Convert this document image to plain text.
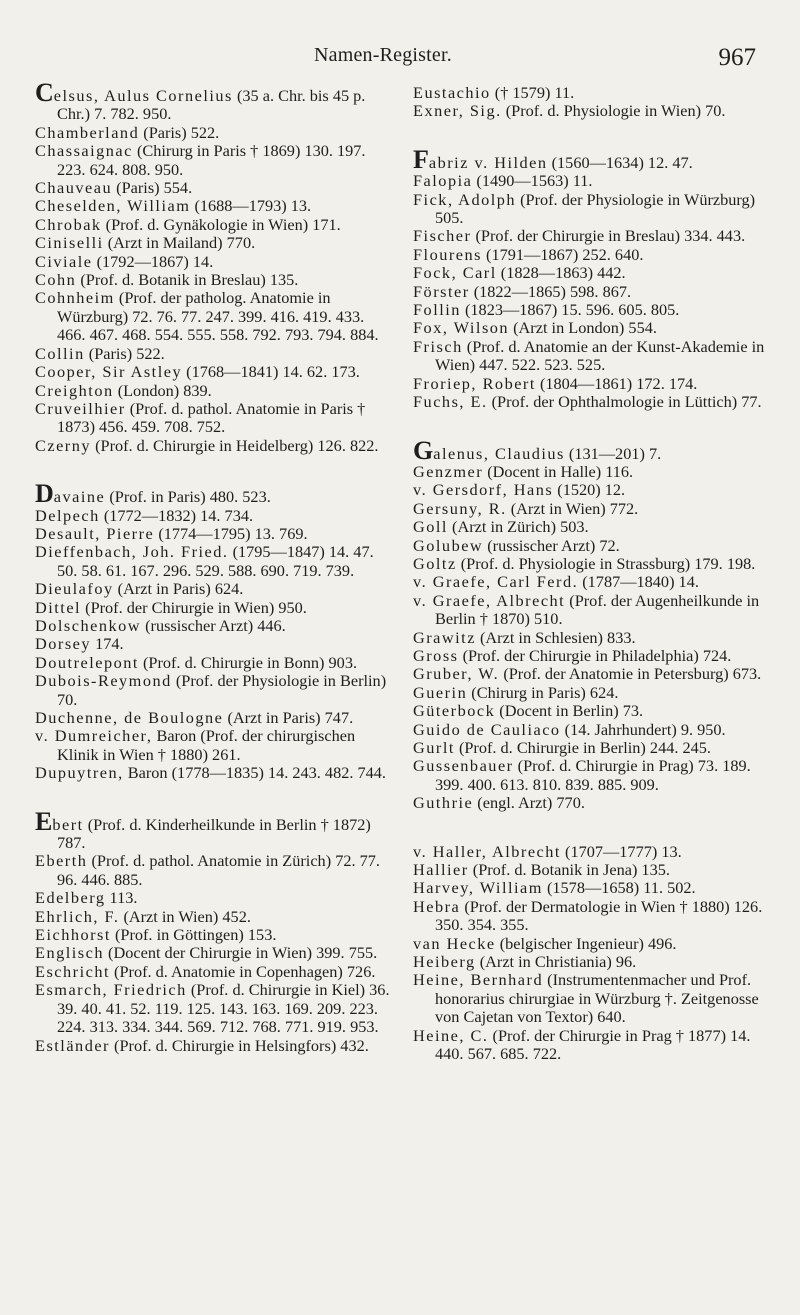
Namen-Register.	967

Celsus, Aulus Cornelius (35 a. Chr. bis 45 p. Chr.) 7. 782. 950.

Chamberland (Paris) 522.

Chassaignac (Chirurg in Paris † 1869) 130. 197. 223. 624. 808. 950.

Chauveau (Paris) 554.

Cheselden, William (1688—1793) 13.

Chrobak (Prof. d. Gynäkologie in Wien) 171.

Ciniselli (Arzt in Mailand) 770.

Civiale (1792—1867) 14.

Cohn (Prof. d. Botanik in Breslau) 135.

Cohnheim (Prof. der patholog. Anatomie in Würzburg) 72. 76. 77. 247. 399. 416. 419. 433. 466. 467. 468. 554. 555. 558. 792. 793. 794. 884.

Collin (Paris) 522.

Cooper, Sir Astley (1768—1841) 14. 62. 173.

Creighton (London) 839.

Cruveilhier (Prof. d. pathol. Anatomie in Paris † 1873) 456. 459. 708. 752.

Czerny (Prof. d. Chirurgie in Heidelberg) 126. 822.

Davaine (Prof. in Paris) 480. 523.

Delpech (1772—1832) 14. 734.

Desault, Pierre (1774—1795) 13. 769.

Dieffenbach, Joh. Fried. (1795—1847) 14. 47. 50. 58. 61. 167. 296. 529. 588. 690. 719. 739.

Dieulafoy (Arzt in Paris) 624.

Dittel (Prof. der Chirurgie in Wien) 950.

Dolschenkow (russischer Arzt) 446.

Dorsey 174.

Doutrelepont (Prof. d. Chirurgie in Bonn) 903.

Dubois-Reymond (Prof. der Physiologie in Berlin) 70.

Duchenne, de Boulogne (Arzt in Paris) 747.

v. Dumreicher, Baron (Prof. der chirurgischen Klinik in Wien † 1880) 261.

Dupuytren, Baron (1778—1835) 14. 243. 482. 744.

Ebert (Prof. d. Kinderheilkunde in Berlin † 1872) 787.

Eberth (Prof. d. pathol. Anatomie in Zürich) 72. 77. 96. 446. 885.

Edelberg 113.

Ehrlich, F. (Arzt in Wien) 452.

Eichhorst (Prof. in Göttingen) 153.

Englisch (Docent der Chirurgie in Wien) 399. 755.

Eschricht (Prof. d. Anatomie in Copenhagen) 726.

Esmarch, Friedrich (Prof. d. Chirurgie in Kiel) 36. 39. 40. 41. 52. 119. 125. 143. 163. 169. 209. 223. 224. 313. 334. 344. 569. 712. 768. 771. 919. 953.

Estländer (Prof. d. Chirurgie in Helsingfors) 432.

Eustachio († 1579) 11.

Exner, Sig. (Prof. d. Physiologie in Wien) 70.

Fabriz v. Hilden (1560—1634) 12. 47.

Falopia (1490—1563) 11.

Fick, Adolph (Prof. der Physiologie in Würzburg) 505.

Fischer (Prof. der Chirurgie in Breslau) 334. 443.

Flourens (1791—1867) 252. 640.

Fock, Carl (1828—1863) 442.

Förster (1822—1865) 598. 867.

Follin (1823—1867) 15. 596. 605. 805.

Fox, Wilson (Arzt in London) 554.

Frisch (Prof. d. Anatomie an der Kunst-Akademie in Wien) 447. 522. 523. 525.

Froriep, Robert (1804—1861) 172. 174.

Fuchs, E. (Prof. der Ophthalmologie in Lüttich) 77.

Galenus, Claudius (131—201) 7.

Genzmer (Docent in Halle) 116.

v. Gersdorf, Hans (1520) 12.

Gersuny, R. (Arzt in Wien) 772.

Goll (Arzt in Zürich) 503.

Golubew (russischer Arzt) 72.

Goltz (Prof. d. Physiologie in Strassburg) 179. 198.

v. Graefe, Carl Ferd. (1787—1840) 14.

v. Graefe, Albrecht (Prof. der Augenheilkunde in Berlin † 1870) 510.

Grawitz (Arzt in Schlesien) 833.

Gross (Prof. der Chirurgie in Philadelphia) 724.

Gruber, W. (Prof. der Anatomie in Petersburg) 673.

Guerin (Chirurg in Paris) 624.

Güterbock (Docent in Berlin) 73.

Guido de Cauliaco (14. Jahrhundert) 9. 950.

Gurlt (Prof. d. Chirurgie in Berlin) 244. 245.

Gussenbauer (Prof. d. Chirurgie in Prag) 73. 189. 399. 400. 613. 810. 839. 885. 909.

Guthrie (engl. Arzt) 770.

v. Haller, Albrecht (1707—1777) 13.

Hallier (Prof. d. Botanik in Jena) 135.

Harvey, William (1578—1658) 11. 502.

Hebra (Prof. der Dermatologie in Wien † 1880) 126. 350. 354. 355.

van Hecke (belgischer Ingenieur) 496.

Heiberg (Arzt in Christiania) 96.

Heine, Bernhard (Instrumentenmacher und Prof. honorarius chirurgiae in Würzburg †. Zeitgenosse von Cajetan von Textor) 640.

Heine, C. (Prof. der Chirurgie in Prag † 1877) 14. 440. 567. 685. 722.
